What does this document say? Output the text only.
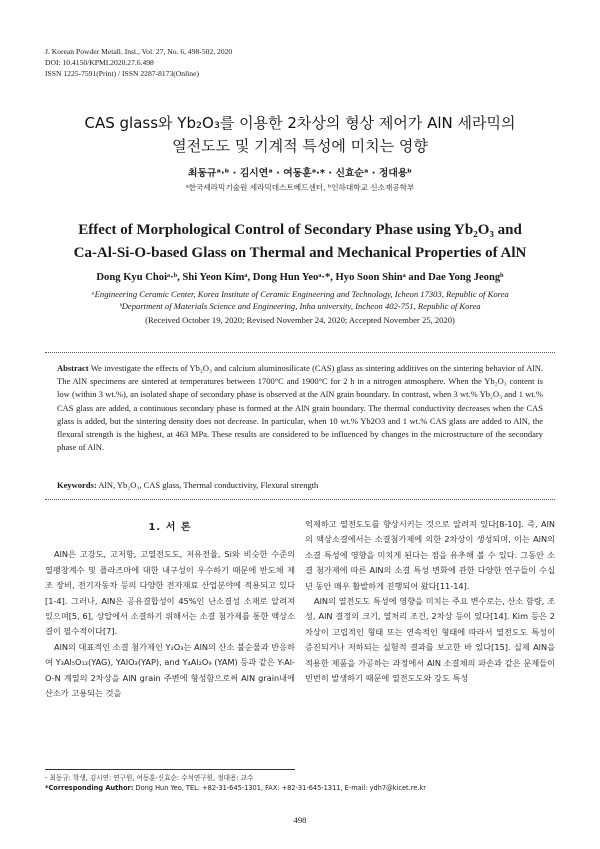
J. Korean Powder Metall. Inst., Vol. 27, No. 6, 498-502, 2020
DOI: 10.4150/KPMI.2020.27.6.498
ISSN 1225-7591(Print) / ISSN 2287-8173(Online)
CAS glass와 Yb₂O₃를 이용한 2차상의 형상 제어가 AlN 세라믹의
열전도도 및 기계적 특성에 미치는 영향
최동규ᵃ·ᵇ · 김시연ᵃ · 여동훈ᵃ·* · 신효순ᵃ · 정대용ᵇ
ᵃ한국세라믹기술원 세라믹데스트베드센터, ᵇ인하대학교 신소재공학부
Effect of Morphological Control of Secondary Phase using Yb₂O₃ and
Ca-Al-Si-O-based Glass on Thermal and Mechanical Properties of AlN
Dong Kyu Choiᵃ·ᵇ, Shi Yeon Kimᵃ, Dong Hun Yeoᵃ·*, Hyo Soon Shinᵃ and Dae Yong Jeongᵇ
ᵃEngineering Ceramic Center, Korea Institute of Ceramic Engineering and Technology, Icheon 17303, Republic of Korea
ᵇDepartment of Materials Science and Engineering, Inha university, Incheon 402-751, Republic of Korea
(Received October 19, 2020; Revised November 24, 2020; Accepted November 25, 2020)
Abstract We investigate the effects of Yb₂O₃ and calcium aluminosilicate (CAS) glass as sintering additives on the sintering behavior of AlN. The AlN specimens are sintered at temperatures between 1700°C and 1900°C for 2 h in a nitrogen atmosphere. When the Yb₂O₃ content is low (within 3 wt.%), an isolated shape of secondary phase is observed at the AlN grain boundary. In contrast, when 3 wt.% Yb₂O₃ and 1 wt.% CAS glass are added, a continuous secondary phase is formed at the AlN grain boundary. The thermal conductivity decreases when the CAS glass is added, but the sintering density does not decrease. In particular, when 10 wt.% Yb2O3 and 1 wt.% CAS glass are added to AlN, the flexural strength is the highest, at 463 MPa. These results are considered to be influenced by changes in the microstructure of the secondary phase of AlN.
Keywords: AlN, Yb₂O₃, CAS glass, Thermal conductivity, Flexural strength
1. 서 론

AlN은 고강도, 고저항, 고열전도도, 저유전율, Si와 비슷한 수준의 열팽창계수 및 플라즈마에 대한 내구성이 우수하기 때문에 반도체 제조 장비, 전기자동차 등의 다양한 전자재료 산업분야에 적용되고 있다[1-4]. 그러나, AlN은 공유결합성이 45%인 난소결성 소재로 알려져 있으며[5, 6], 상압에서 소결하기 위해서는 소결 첨가제를 통한 액상소결이 필수적이다[7].

AlN의 대표적인 소결 첨가제인 Y₂O₃는 AlN의 산소 불순물과 반응하여 Y₃Al₅O₁₂(YAG), YAlO₃(YAP), and Y₄Al₂O₉ (YAM) 등과 같은 Y-Al-O-N 계열의 2차상을 AlN grain 주변에 형성함으로써 AlN grain내에 산소가 고용되는 것을

억제하고 열전도도를 향상시키는 것으로 알려져 있다[8-10]. 즉, AlN의 액상소결에서는 소결첨가제에 의한 2차상이 생성되며, 이는 AlN의 소결 특성에 영향을 미치게 된다는 점을 유추해 볼 수 있다. 그동안 소결 첨가제에 따른 AlN의 소결 특성 변화에 관한 다양한 연구들이 수십년 동안 매우 활발하게 진행되어 왔다[11-14].

AlN의 열전도도 특성에 영향을 미치는 주요 변수로는, 산소 함량, 조성, AlN 결정의 크기, 열처리 조건, 2차상 등이 있다[14]. Kim 등은 2차상이 고립적인 형태 또는 연속적인 형태에 따라서 열전도도 특성이 증진되거나 저하되는 실험적 결과를 보고한 바 있다[15]. 실제 AlN을 적용한 제품을 가공하는 과정에서 AlN 소결체의 파손과 같은 문제들이 빈번히 발생하기 때문에 열전도도와 강도 특성

- 최동규: 학생, 김시연: 연구원, 여동훈·신효순: 수석연구원, 정대용: 교수
*Corresponding Author: Dong Hun Yeo, TEL: +82-31-645-1301, FAX: +82-31-645-1311, E-mail: ydh7@kicet.re.kr
498
